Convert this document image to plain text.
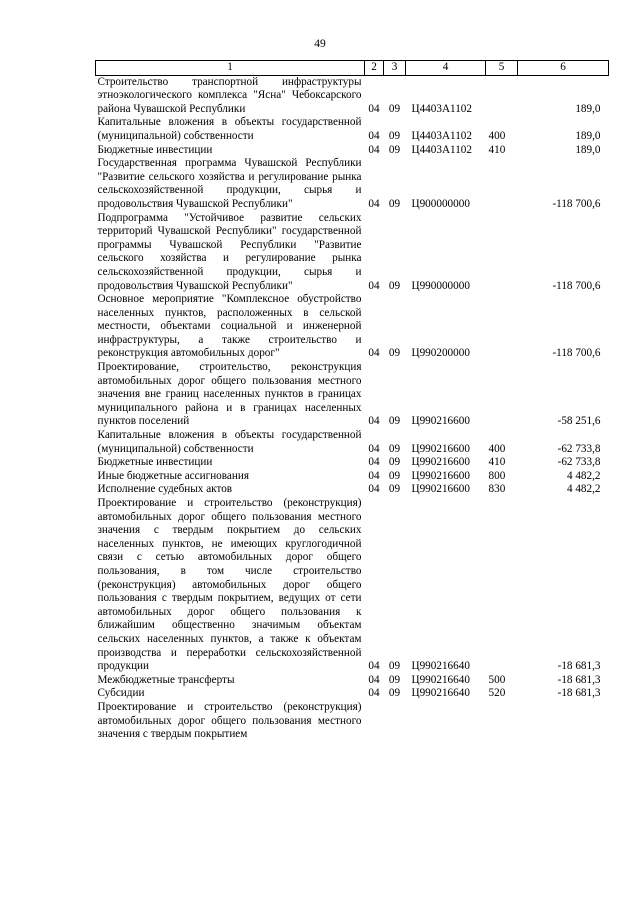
49
1	2	3	4	5	6
Строительство транспортной инфраструктуры этноэкологического комплекса "Ясна" Чебоксарского района Чувашской Республики	04	09	Ц4403А1102		189,0
Капитальные вложения в объекты государственной (муниципальной) собственности	04	09	Ц4403А1102	400	189,0
Бюджетные инвестиции	04	09	Ц4403А1102	410	189,0
Государственная программа Чувашской Республики "Развитие сельского хозяйства и регулирование рынка сельскохозяйственной продукции, сырья и продовольствия Чувашской Республики"	04	09	Ц900000000		-118 700,6
Подпрограмма "Устойчивое развитие сельских территорий Чувашской Республики" государственной программы Чувашской Республики "Развитие сельского хозяйства и регулирование рынка сельскохозяйственной продукции, сырья и продовольствия Чувашской Республики"	04	09	Ц990000000		-118 700,6
Основное мероприятие "Комплексное обустройство населенных пунктов, расположенных в сельской местности, объектами социальной и инженерной инфраструктуры, а также строительство и реконструкция автомобильных дорог"	04	09	Ц990200000		-118 700,6
Проектирование, строительство, реконструкция автомобильных дорог общего пользования местного значения вне границ населенных пунктов в границах муниципального района и в границах населенных пунктов поселений	04	09	Ц990216600		-58 251,6
Капитальные вложения в объекты государственной (муниципальной) собственности	04	09	Ц990216600	400	-62 733,8
Бюджетные инвестиции	04	09	Ц990216600	410	-62 733,8
Иные бюджетные ассигнования	04	09	Ц990216600	800	4 482,2
Исполнение судебных актов	04	09	Ц990216600	830	4 482,2
Проектирование и строительство (реконструкция) автомобильных дорог общего пользования местного значения с твердым покрытием до сельских населенных пунктов, не имеющих круглогодичной связи с сетью автомобильных дорог общего пользования, в том числе строительство (реконструкция) автомобильных дорог общего пользования с твердым покрытием, ведущих от сети автомобильных дорог общего пользования к ближайшим общественно значимым объектам сельских населенных пунктов, а также к объектам производства и переработки сельскохозяйственной продукции	04	09	Ц990216640		-18 681,3
Межбюджетные трансферты	04	09	Ц990216640	500	-18 681,3
Субсидии	04	09	Ц990216640	520	-18 681,3
Проектирование и строительство (реконструкция) автомобильных дорог общего пользования местного значения с твердым покрытием					
